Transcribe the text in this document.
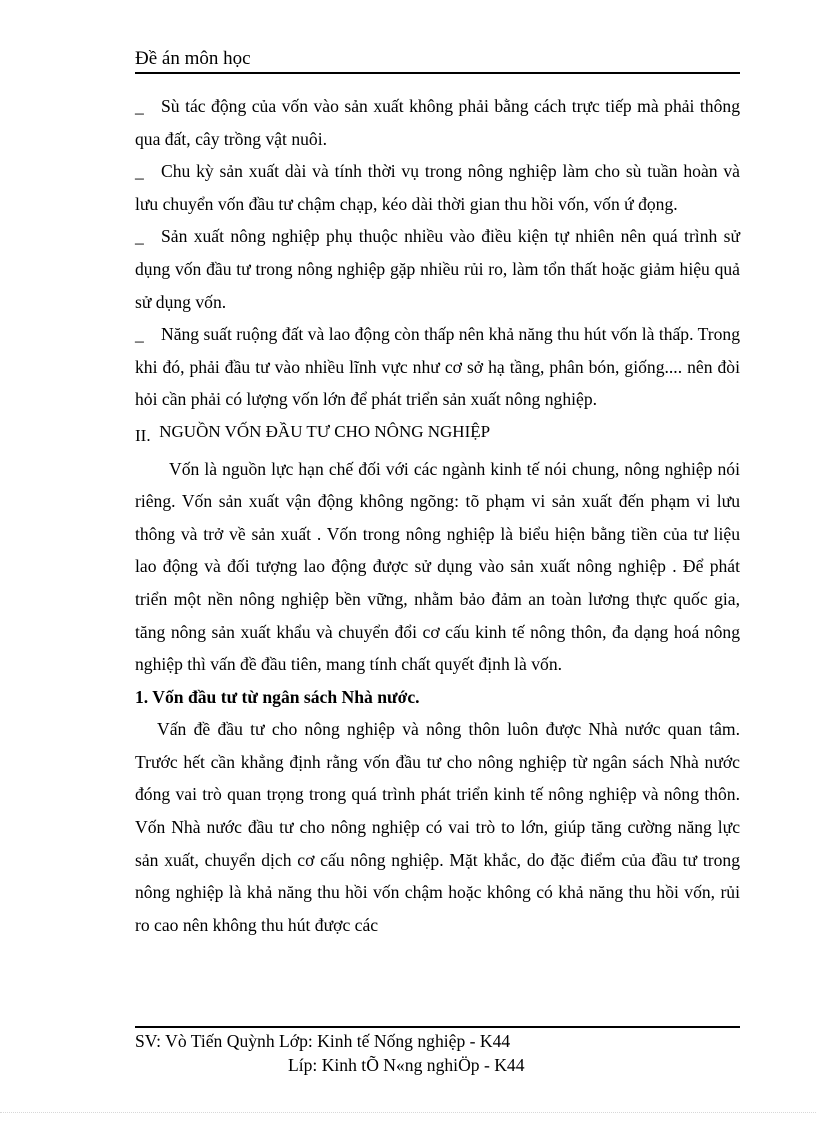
Đề án môn học

_ Sù tác động của vốn vào sản xuất không phải bằng cách trực tiếp mà phải thông qua đất, cây trồng vật nuôi.

_ Chu kỳ sản xuất dài và tính thời vụ trong nông nghiệp làm cho sù tuần hoàn và lưu chuyển vốn đầu tư chậm chạp, kéo dài thời gian thu hồi vốn, vốn ứ đọng.

_ Sản xuất nông nghiệp phụ thuộc nhiều vào điều kiện tự nhiên nên quá trình sử dụng vốn đầu tư trong nông nghiệp gặp nhiều rủi ro, làm tổn thất hoặc giảm hiệu quả sử dụng vốn.

_ Năng suất ruộng đất và lao động còn thấp nên khả năng thu hút vốn là thấp. Trong khi đó, phải đầu tư vào nhiều lĩnh vực như cơ sở hạ tầng, phân bón, giống.... nên đòi hỏi cần phải có lượng vốn lớn để phát triển sản xuất nông nghiệp.

II. NGUỒN VỐN ĐẦU TƯ CHO NÔNG NGHIỆP

Vốn là nguồn lực hạn chế đối với các ngành kinh tế nói chung, nông nghiệp nói riêng. Vốn sản xuất vận động không ngõng: tõ phạm vi sản xuất đến phạm vi lưu thông và trở về sản xuất . Vốn trong nông nghiệp là biểu hiện bằng tiền của tư liệu lao động và đối tượng lao động được sử dụng vào sản xuất nông nghiệp . Để phát triển một nền nông nghiệp bền vững, nhằm bảo đảm an toàn lương thực quốc gia, tăng nông sản xuất khẩu và chuyển đổi cơ cấu kinh tế nông thôn, đa dạng hoá nông nghiệp thì vấn đề đầu tiên, mang tính chất quyết định là vốn.

1. Vốn đầu tư từ ngân sách Nhà nước.

Vấn đề đầu tư cho nông nghiệp và nông thôn luôn được Nhà nước quan tâm. Trước hết cần khẳng định rằng vốn đầu tư cho nông nghiệp từ ngân sách Nhà nước đóng vai trò quan trọng trong quá trình phát triển kinh tế nông nghiệp và nông thôn. Vốn Nhà nước đầu tư cho nông nghiệp có vai trò to lớn, giúp tăng cường năng lực sản xuất, chuyển dịch cơ cấu nông nghiệp. Mặt khắc, do đặc điểm của đầu tư trong nông nghiệp là khả năng thu hồi vốn chậm hoặc không có khả năng thu hồi vốn, rủi ro cao nên không thu hút được các

SV: Vò Tiến Quỳnh Lớp: Kinh tế Nống nghiệp - K44
Líp: Kinh tÕ N«ng nghiÖp - K44
